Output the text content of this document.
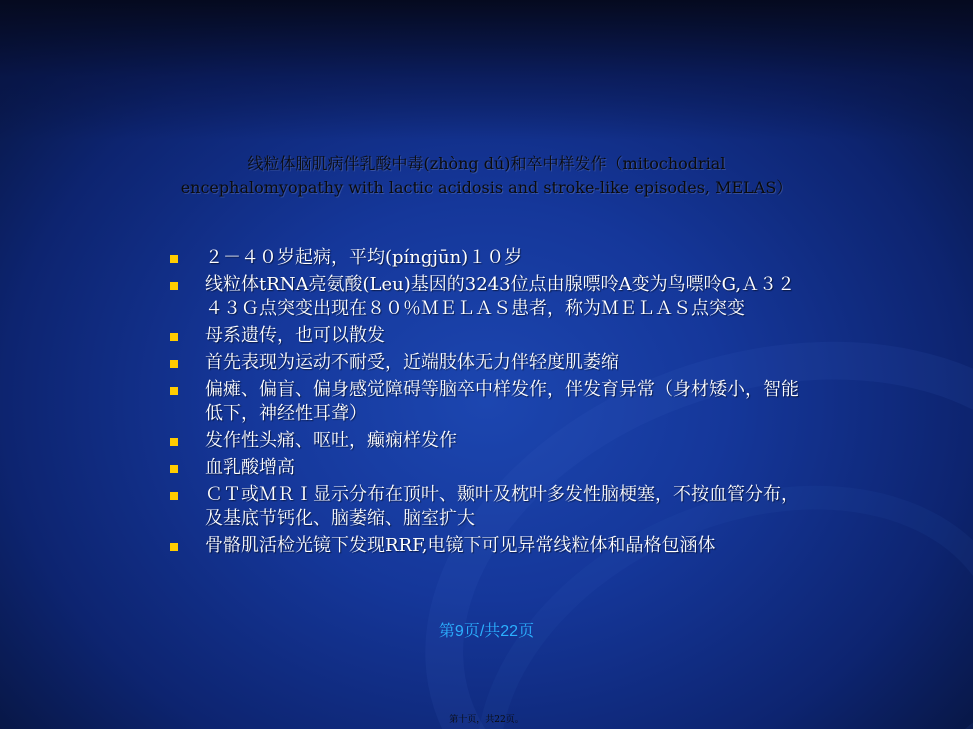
线粒体脑肌病伴乳酸中毒(zhòng dú)和卒中样发作（mitochodrial encephalomyopathy with lactic acidosis and stroke-like episodes, MELAS）
２－４０岁起病，平均(píngjūn)１０岁
线粒体tRNA亮氨酸(Leu)基因的3243位点由腺嘌呤A变为鸟嘌呤G,Ａ３２４３Ｇ点突变出现在８０％ＭＥＬＡＳ患者，称为ＭＥＬＡＳ点突变
母系遗传，也可以散发
首先表现为运动不耐受，近端肢体无力伴轻度肌萎缩
偏瘫、偏盲、偏身感觉障碍等脑卒中样发作，伴发育异常（身材矮小，智能低下，神经性耳聋）
发作性头痛、呕吐，癫痫样发作
血乳酸增高
ＣＴ或ＭＲＩ显示分布在顶叶、颞叶及枕叶多发性脑梗塞，不按血管分布，及基底节钙化、脑萎缩、脑室扩大
骨骼肌活检光镜下发现RRF,电镜下可见异常线粒体和晶格包涵体
第9页/共22页
第十页，共22页。
